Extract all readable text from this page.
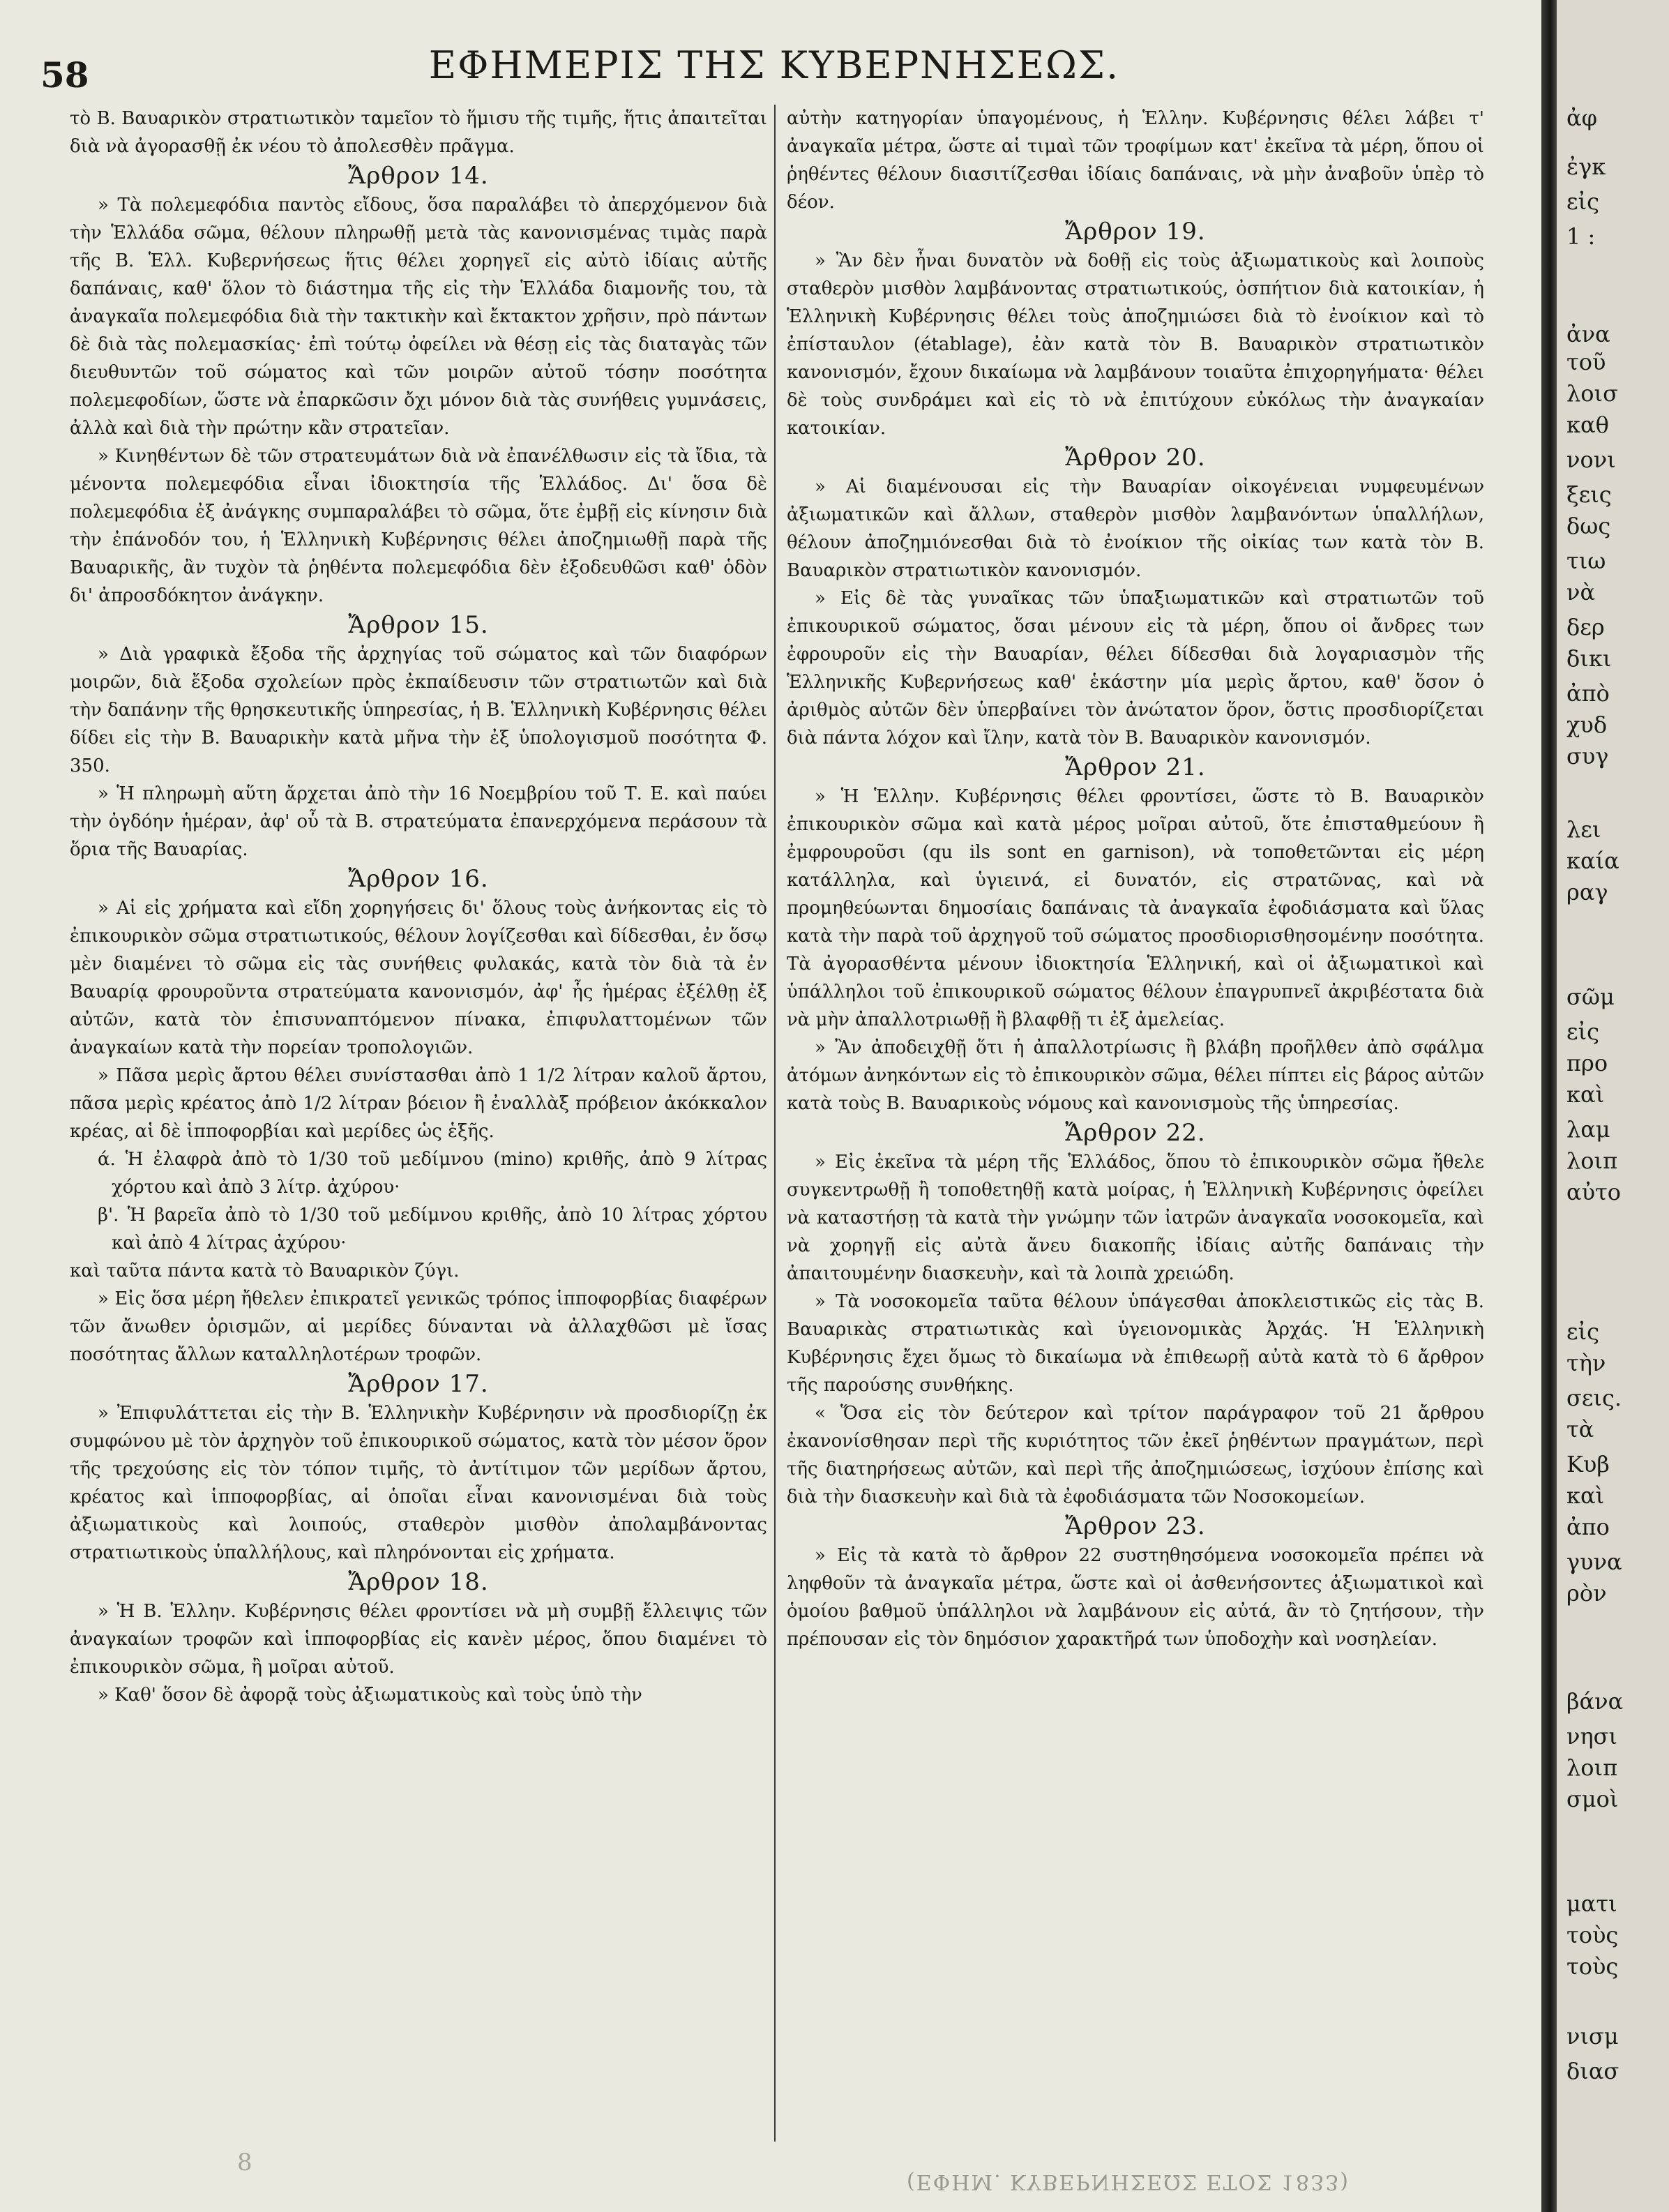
58	ΕΦΗΜΕΡΙΣ ΤΗΣ ΚΥΒΕΡΝΗΣΕΩΣ.

τὸ Β. Βαυαρικὸν στρατιωτικὸν ταμεῖον τὸ ἥμισυ τῆς τιμῆς, ἥτις ἀπαιτεῖται διὰ νὰ ἀγορασθῇ ἐκ νέου τὸ ἀπολεσθὲν πρᾶγμα.

Ἄρθρον 14.

» Τὰ πολεμεφόδια παντὸς εἴδους, ὅσα παραλάβει τὸ ἀπερχόμενον διὰ τὴν Ἑλλάδα σῶμα, θέλουν πληρωθῇ μετὰ τὰς κανονισμένας τιμὰς παρὰ τῆς Β. Ἑλλ. Κυβερνήσεως ἥτις θέλει χορηγεῖ εἰς αὐτὸ ἰδίαις αὐτῆς δαπάναις, καθ' ὅλον τὸ διάστημα τῆς εἰς τὴν Ἑλλάδα διαμονῆς του, τὰ ἀναγκαῖα πολεμεφόδια διὰ τὴν τακτικὴν καὶ ἔκτακτον χρῆσιν, πρὸ πάντων δὲ διὰ τὰς πολεμασκίας· ἐπὶ τούτῳ ὀφείλει νὰ θέσῃ εἰς τὰς διαταγὰς τῶν διευθυντῶν τοῦ σώματος καὶ τῶν μοιρῶν αὐτοῦ τόσην ποσότητα πολεμεφοδίων, ὥστε νὰ ἐπαρκῶσιν ὄχι μόνον διὰ τὰς συνήθεις γυμνάσεις, ἀλλὰ καὶ διὰ τὴν πρώτην κἂν στρατεῖαν.

» Κινηθέντων δὲ τῶν στρατευμάτων διὰ νὰ ἐπανέλθωσιν εἰς τὰ ἴδια, τὰ μένοντα πολεμεφόδια εἶναι ἰδιοκτησία τῆς Ἑλλάδος. Δι' ὅσα δὲ πολεμεφόδια ἐξ ἀνάγκης συμπαραλάβει τὸ σῶμα, ὅτε ἐμβῇ εἰς κίνησιν διὰ τὴν ἐπάνοδόν του, ἡ Ἑλληνικὴ Κυβέρνησις θέλει ἀποζημιωθῇ παρὰ τῆς Βαυαρικῆς, ἂν τυχὸν τὰ ῥηθέντα πολεμεφόδια δὲν ἐξοδευθῶσι καθ' ὁδὸν δι' ἀπροσδόκητον ἀνάγκην.

Ἄρθρον 15.

» Διὰ γραφικὰ ἔξοδα τῆς ἀρχηγίας τοῦ σώματος καὶ τῶν διαφόρων μοιρῶν, διὰ ἔξοδα σχολείων πρὸς ἐκπαίδευσιν τῶν στρατιωτῶν καὶ διὰ τὴν δαπάνην τῆς θρησκευτικῆς ὑπηρεσίας, ἡ Β. Ἑλληνικὴ Κυβέρνησις θέλει δίδει εἰς τὴν Β. Βαυαρικὴν κατὰ μῆνα τὴν ἐξ ὑπολογισμοῦ ποσότητα Φ. 350.

» Ἡ πληρωμὴ αὕτη ἄρχεται ἀπὸ τὴν 16 Νοεμβρίου τοῦ Τ. Ε. καὶ παύει τὴν ὀγδόην ἡμέραν, ἀφ' οὗ τὰ Β. στρατεύματα ἐπανερχόμενα περάσουν τὰ ὅρια τῆς Βαυαρίας.

Ἄρθρον 16.

» Αἱ εἰς χρήματα καὶ εἴδη χορηγήσεις δι' ὅλους τοὺς ἀνήκοντας εἰς τὸ ἐπικουρικὸν σῶμα στρατιωτικούς, θέλουν λογίζεσθαι καὶ δίδεσθαι, ἐν ὅσῳ μὲν διαμένει τὸ σῶμα εἰς τὰς συνήθεις φυλακάς, κατὰ τὸν διὰ τὰ ἐν Βαυαρίᾳ φρουροῦντα στρατεύματα κανονισμόν, ἀφ' ἧς ἡμέρας ἐξέλθῃ ἐξ αὐτῶν, κατὰ τὸν ἐπισυναπτόμενον πίνακα, ἐπιφυλαττομένων τῶν ἀναγκαίων κατὰ τὴν πορείαν τροπολογιῶν.

» Πᾶσα μερὶς ἄρτου θέλει συνίστασθαι ἀπὸ 1 1/2 λίτραν καλοῦ ἄρτου, πᾶσα μερὶς κρέατος ἀπὸ 1/2 λίτραν βόειον ἢ ἐναλλὰξ πρόβειον ἀκόκκαλον κρέας, αἱ δὲ ἱπποφορβίαι καὶ μερίδες ὡς ἑξῆς.

ά. Ἡ ἐλαφρὰ ἀπὸ τὸ 1/30 τοῦ μεδίμνου (mino) κριθῆς, ἀπὸ 9 λίτρας χόρτου καὶ ἀπὸ 3 λίτρ. ἀχύρου·

β'. Ἡ βαρεῖα ἀπὸ τὸ 1/30 τοῦ μεδίμνου κριθῆς, ἀπὸ 10 λίτρας χόρτου καὶ ἀπὸ 4 λίτρας ἀχύρου·

καὶ ταῦτα πάντα κατὰ τὸ Βαυαρικὸν ζύγι.

» Εἰς ὅσα μέρη ἤθελεν ἐπικρατεῖ γενικῶς τρόπος ἱπποφορβίας διαφέρων τῶν ἄνωθεν ὁρισμῶν, αἱ μερίδες δύνανται νὰ ἀλλαχθῶσι μὲ ἴσας ποσότητας ἄλλων καταλληλοτέρων τροφῶν.

Ἄρθρον 17.

» Ἐπιφυλάττεται εἰς τὴν Β. Ἑλληνικὴν Κυβέρνησιν νὰ προσδιορίζῃ ἐκ συμφώνου μὲ τὸν ἀρχηγὸν τοῦ ἐπικουρικοῦ σώματος, κατὰ τὸν μέσον ὅρον τῆς τρεχούσης εἰς τὸν τόπον τιμῆς, τὸ ἀντίτιμον τῶν μερίδων ἄρτου, κρέατος καὶ ἱπποφορβίας, αἱ ὁποῖαι εἶναι κανονισμέναι διὰ τοὺς ἀξιωματικοὺς καὶ λοιπούς, σταθερὸν μισθὸν ἀπολαμβάνοντας στρατιωτικοὺς ὑπαλλήλους, καὶ πληρόνονται εἰς χρήματα.

Ἄρθρον 18.

» Ἡ Β. Ἑλλην. Κυβέρνησις θέλει φροντίσει νὰ μὴ συμβῇ ἔλλειψις τῶν ἀναγκαίων τροφῶν καὶ ἱπποφορβίας εἰς κανὲν μέρος, ὅπου διαμένει τὸ ἐπικουρικὸν σῶμα, ἢ μοῖραι αὐτοῦ.

» Καθ' ὅσον δὲ ἀφορᾷ τοὺς ἀξιωματικοὺς καὶ τοὺς ὑπὸ τὴν

αὐτὴν κατηγορίαν ὑπαγομένους, ἡ Ἑλλην. Κυβέρνησις θέλει λάβει τ' ἀναγκαῖα μέτρα, ὥστε αἱ τιμαὶ τῶν τροφίμων κατ' ἐκεῖνα τὰ μέρη, ὅπου οἱ ῥηθέντες θέλουν διασιτίζεσθαι ἰδίαις δαπάναις, νὰ μὴν ἀναβοῦν ὑπὲρ τὸ δέον.

Ἄρθρον 19.

» Ἂν δὲν ἦναι δυνατὸν νὰ δοθῇ εἰς τοὺς ἀξιωματικοὺς καὶ λοιποὺς σταθερὸν μισθὸν λαμβάνοντας στρατιωτικούς, ὀσπήτιον διὰ κατοικίαν, ἡ Ἑλληνικὴ Κυβέρνησις θέλει τοὺς ἀποζημιώσει διὰ τὸ ἐνοίκιον καὶ τὸ ἐπίσταυλον (établage), ἐὰν κατὰ τὸν Β. Βαυαρικὸν στρατιωτικὸν κανονισμόν, ἔχουν δικαίωμα νὰ λαμβάνουν τοιαῦτα ἐπιχορηγήματα· θέλει δὲ τοὺς συνδράμει καὶ εἰς τὸ νὰ ἐπιτύχουν εὐκόλως τὴν ἀναγκαίαν κατοικίαν.

Ἄρθρον 20.

» Αἱ διαμένουσαι εἰς τὴν Βαυαρίαν οἰκογένειαι νυμφευμένων ἀξιωματικῶν καὶ ἄλλων, σταθερὸν μισθὸν λαμβανόντων ὑπαλλήλων, θέλουν ἀποζημιόνεσθαι διὰ τὸ ἐνοίκιον τῆς οἰκίας των κατὰ τὸν Β. Βαυαρικὸν στρατιωτικὸν κανονισμόν.

» Εἰς δὲ τὰς γυναῖκας τῶν ὑπαξιωματικῶν καὶ στρατιωτῶν τοῦ ἐπικουρικοῦ σώματος, ὅσαι μένουν εἰς τὰ μέρη, ὅπου οἱ ἄνδρες των ἐφρουροῦν εἰς τὴν Βαυαρίαν, θέλει δίδεσθαι διὰ λογαριασμὸν τῆς Ἑλληνικῆς Κυβερνήσεως καθ' ἑκάστην μία μερὶς ἄρτου, καθ' ὅσον ὁ ἀριθμὸς αὐτῶν δὲν ὑπερβαίνει τὸν ἀνώτατον ὅρον, ὅστις προσδιορίζεται διὰ πάντα λόχον καὶ ἴλην, κατὰ τὸν Β. Βαυαρικὸν κανονισμόν.

Ἄρθρον 21.

» Ἡ Ἑλλην. Κυβέρνησις θέλει φροντίσει, ὥστε τὸ Β. Βαυαρικὸν ἐπικουρικὸν σῶμα καὶ κατὰ μέρος μοῖραι αὐτοῦ, ὅτε ἐπισταθμεύουν ἢ ἐμφρουροῦσι (qu ils sont en garnison), νὰ τοποθετῶνται εἰς μέρη κατάλληλα, καὶ ὑγιεινά, εἰ δυνατόν, εἰς στρατῶνας, καὶ νὰ προμηθεύωνται δημοσίαις δαπάναις τὰ ἀναγκαῖα ἐφοδιάσματα καὶ ὕλας κατὰ τὴν παρὰ τοῦ ἀρχηγοῦ τοῦ σώματος προσδιορισθησομένην ποσότητα. Τὰ ἀγορασθέντα μένουν ἰδιοκτησία Ἑλληνική, καὶ οἱ ἀξιωματικοὶ καὶ ὑπάλληλοι τοῦ ἐπικουρικοῦ σώματος θέλουν ἐπαγρυπνεῖ ἀκριβέστατα διὰ νὰ μὴν ἀπαλλοτριωθῇ ἢ βλαφθῇ τι ἐξ ἀμελείας.

» Ἂν ἀποδειχθῇ ὅτι ἡ ἀπαλλοτρίωσις ἢ βλάβη προῆλθεν ἀπὸ σφάλμα ἀτόμων ἀνηκόντων εἰς τὸ ἐπικουρικὸν σῶμα, θέλει πίπτει εἰς βάρος αὐτῶν κατὰ τοὺς Β. Βαυαρικοὺς νόμους καὶ κανονισμοὺς τῆς ὑπηρεσίας.

Ἄρθρον 22.

» Εἰς ἐκεῖνα τὰ μέρη τῆς Ἑλλάδος, ὅπου τὸ ἐπικουρικὸν σῶμα ἤθελε συγκεντρωθῇ ἢ τοποθετηθῇ κατὰ μοίρας, ἡ Ἑλληνικὴ Κυβέρνησις ὀφείλει νὰ καταστήσῃ τὰ κατὰ τὴν γνώμην τῶν ἰατρῶν ἀναγκαῖα νοσοκομεῖα, καὶ νὰ χορηγῇ εἰς αὐτὰ ἄνευ διακοπῆς ἰδίαις αὐτῆς δαπάναις τὴν ἀπαιτουμένην διασκευὴν, καὶ τὰ λοιπὰ χρειώδη.

» Τὰ νοσοκομεῖα ταῦτα θέλουν ὑπάγεσθαι ἀποκλειστικῶς εἰς τὰς Β. Βαυαρικὰς στρατιωτικὰς καὶ ὑγειονομικὰς Ἀρχάς. Ἡ Ἑλληνικὴ Κυβέρνησις ἔχει ὅμως τὸ δικαίωμα νὰ ἐπιθεωρῇ αὐτὰ κατὰ τὸ 6 ἄρθρον τῆς παρούσης συνθήκης.

« Ὅσα εἰς τὸν δεύτερον καὶ τρίτον παράγραφον τοῦ 21 ἄρθρου ἐκανονίσθησαν περὶ τῆς κυριότητος τῶν ἐκεῖ ῥηθέντων πραγμάτων, περὶ τῆς διατηρήσεως αὐτῶν, καὶ περὶ τῆς ἀποζημιώσεως, ἰσχύουν ἐπίσης καὶ διὰ τὴν διασκευὴν καὶ διὰ τὰ ἐφοδιάσματα τῶν Νοσοκομείων.

Ἄρθρον 23.

» Εἰς τὰ κατὰ τὸ ἄρθρον 22 συστηθησόμενα νοσοκομεῖα πρέπει νὰ ληφθοῦν τὰ ἀναγκαῖα μέτρα, ὥστε καὶ οἱ ἀσθενήσοντες ἀξιωματικοὶ καὶ ὁμοίου βαθμοῦ ὑπάλληλοι νὰ λαμβάνουν εἰς αὐτά, ἂν τὸ ζητήσουν, τὴν πρέπουσαν εἰς τὸν δημόσιον χαρακτῆρά των ὑποδοχὴν καὶ νοσηλείαν.

8
(ΕΦΗΜ. ΚΥΒΕΡΝΗΣΕΩΣ ΕΤΟΣ 1833)
ἀφ
ἐγκ
εἰς
1 :
ἀνα
τοῦ
λοισ
καθ
νονι
ξεις
δως
τιω
νὰ
δερ
δικι
ἀπὸ
χυδ
συγ
λει
καία
ραγ
σῶμ
εἰς
προ
καὶ
λαμ
λοιπ
αὐτο
εἰς
τὴν
σεις.
τὰ
Κυβ
καὶ
ἀπο
γυνα
ρὸν
βάνα
νησι
λοιπ
σμοὶ
ματι
τοὺς
τοὺς
νισμ
διασ
